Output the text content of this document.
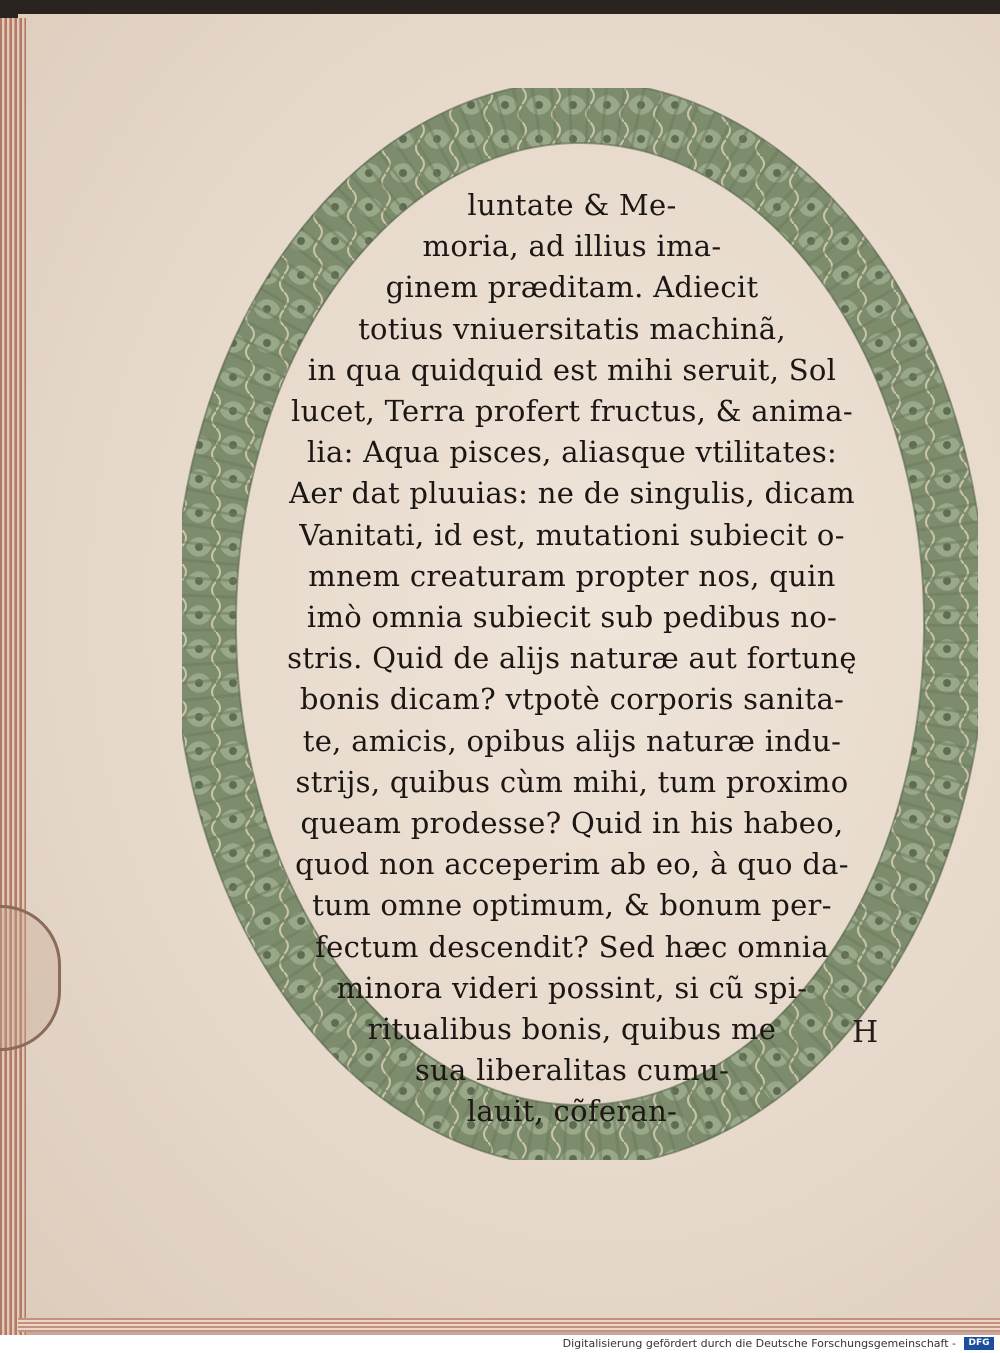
luntate & Me-
moria, ad illius ima-
ginem præditam. Adiecit
totius vniuersitatis machinã,
in qua quidquid est mihi seruit, Sol
lucet, Terra profert fructus, & anima-
lia: Aqua pisces, aliasque vtilitates:
Aer dat pluuias: ne de singulis, dicam
Vanitati, id est, mutationi subiecit o-
mnem creaturam propter nos, quin
imò omnia subiecit sub pedibus no-
stris. Quid de alijs naturæ aut fortunę
bonis dicam? vtpotè corporis sanita-
te, amicis, opibus alijs naturæ indu-
strijs, quibus cùm mihi, tum proximo
queam prodesse? Quid in his habeo,
quod non acceperim ab eo, à quo da-
tum omne optimum, & bonum per-
fectum descendit? Sed hæc omnia
minora videri possint, si cũ spi-
ritualibus bonis, quibus me
sua liberalitas cumu-
lauit, cõferan-
H
Digitalisierung gefördert durch die Deutsche Forschungsgemeinschaft -	DFG
